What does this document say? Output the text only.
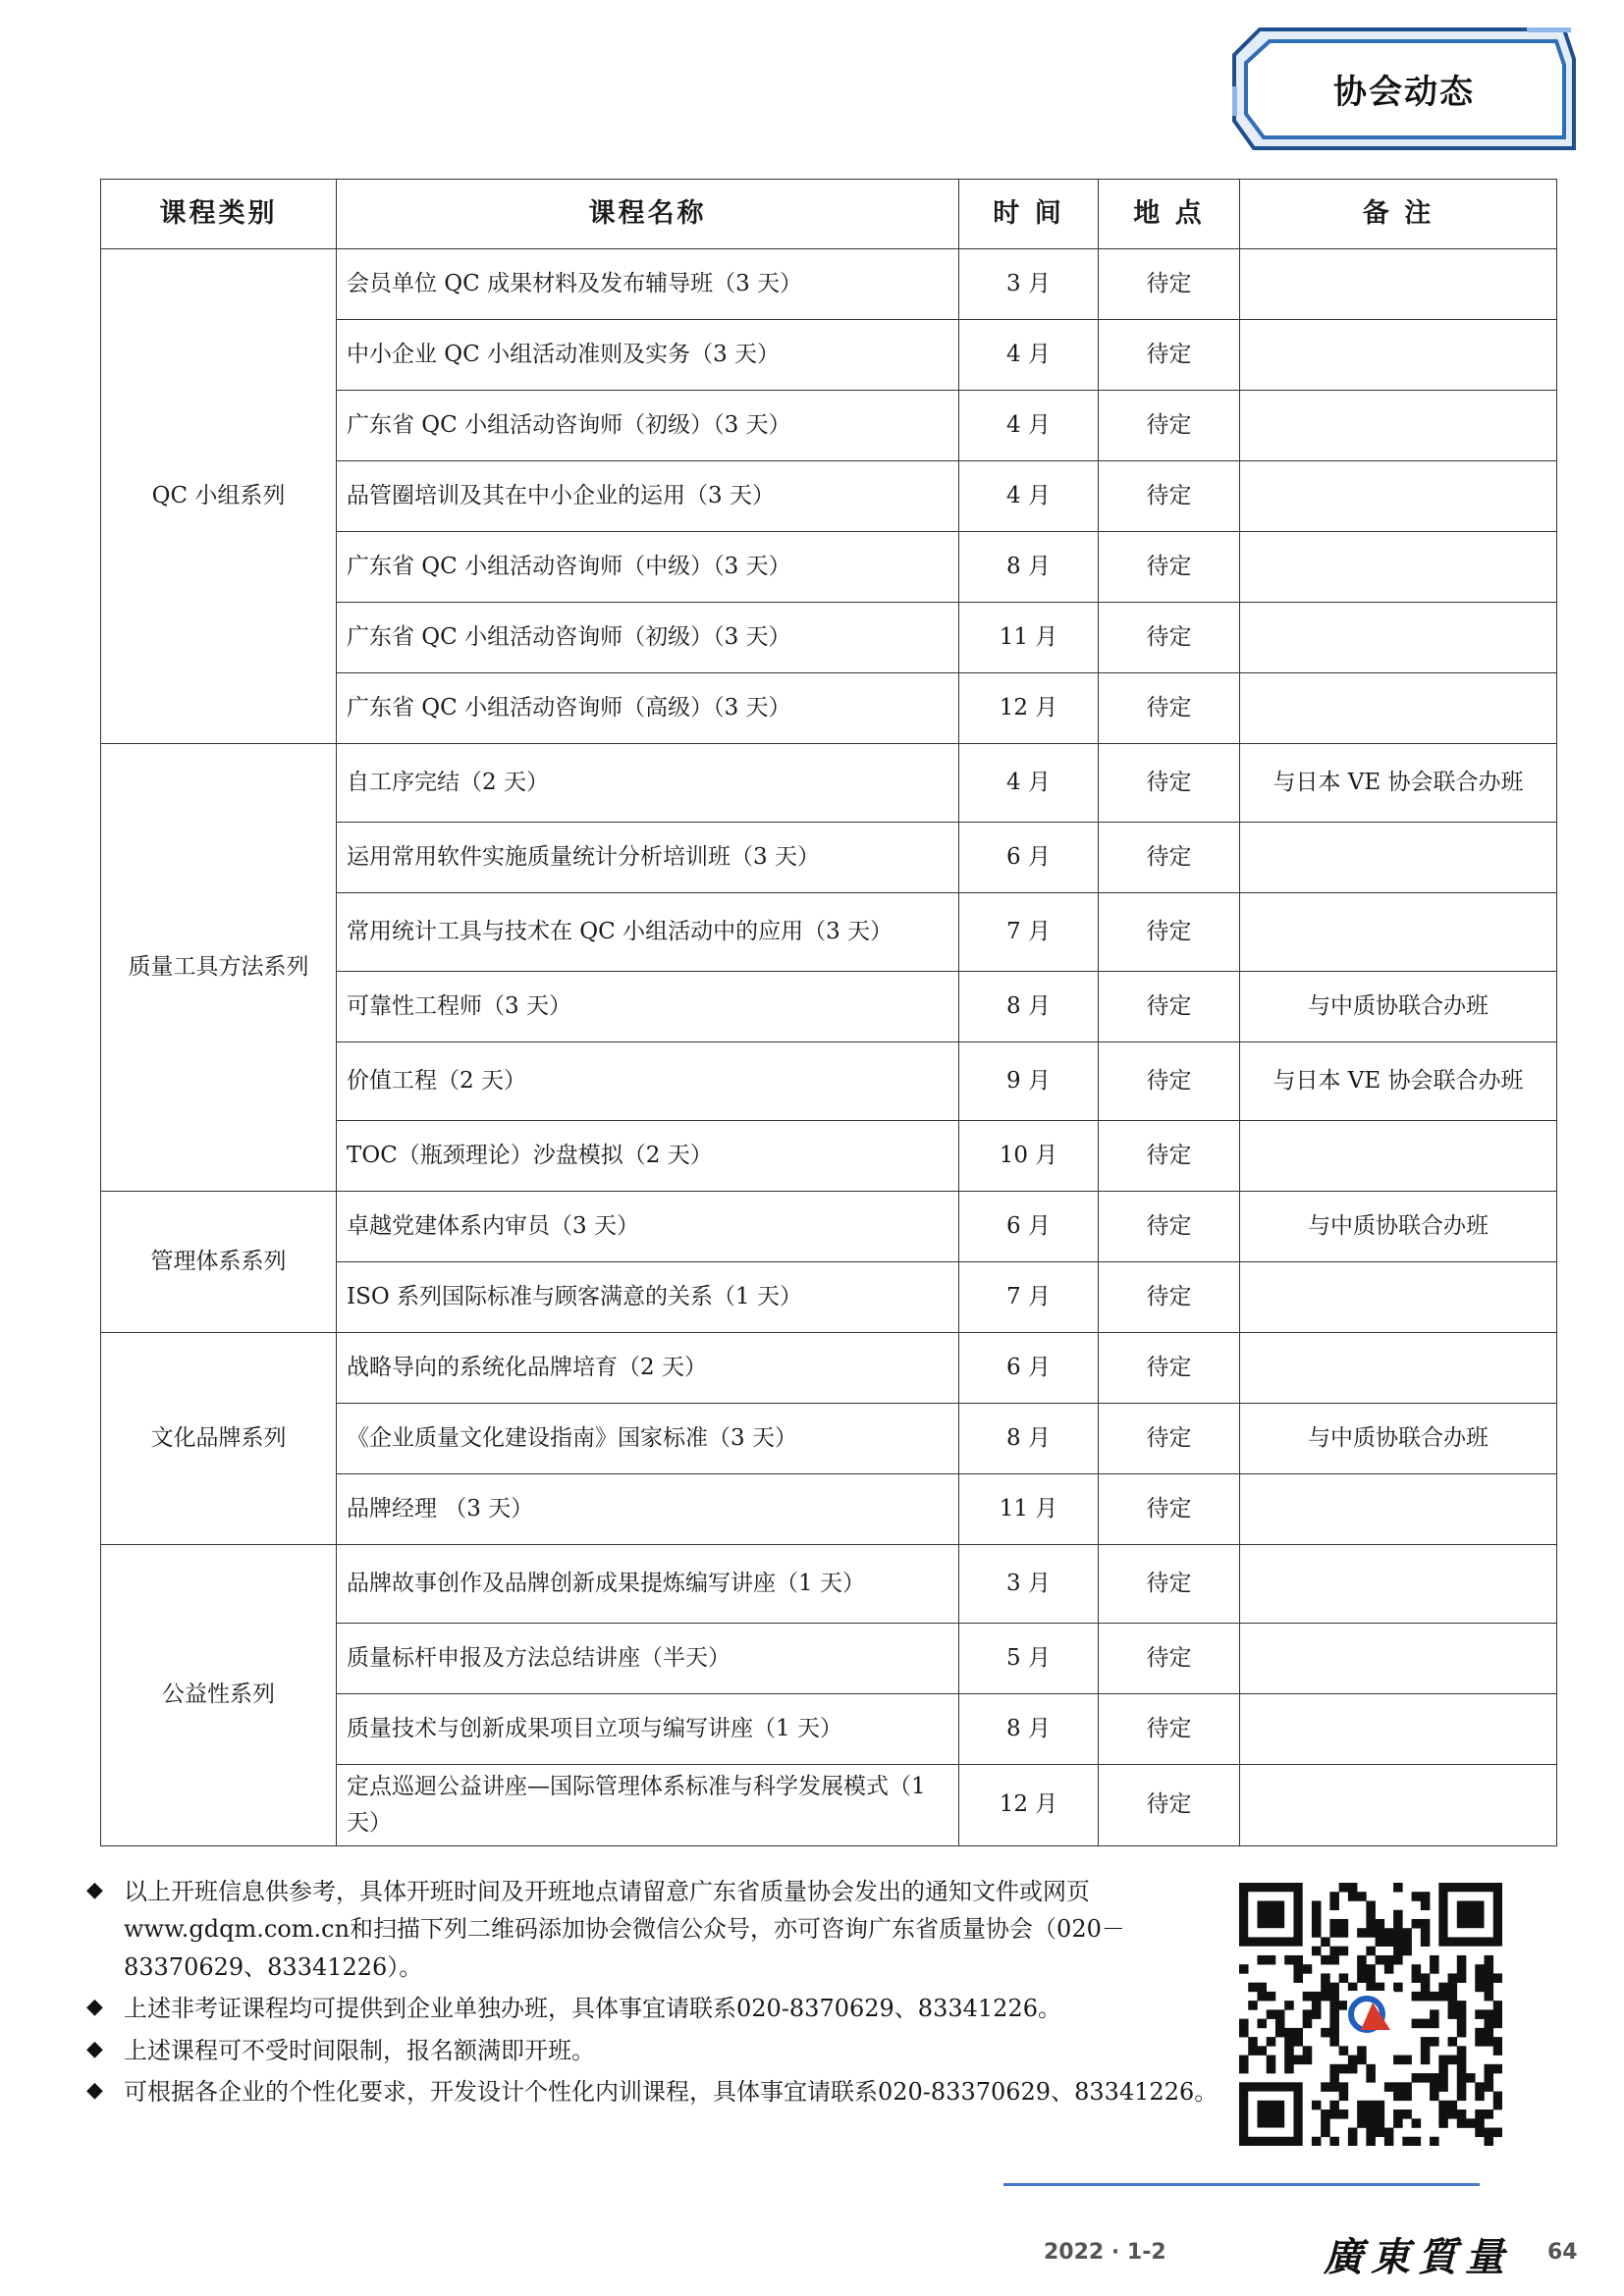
协会动态
课程类别	课程名称	时 间	地 点	备 注
QC 小组系列	会员单位 QC 成果材料及发布辅导班（3 天）	3 月	待定	
	中小企业 QC 小组活动准则及实务（3 天）	4 月	待定	
	广东省 QC 小组活动咨询师（初级）（3 天）	4 月	待定	
	品管圈培训及其在中小企业的运用（3 天）	4 月	待定	
	广东省 QC 小组活动咨询师（中级）（3 天）	8 月	待定	
	广东省 QC 小组活动咨询师（初级）（3 天）	11 月	待定	
	广东省 QC 小组活动咨询师（高级）（3 天）	12 月	待定	
质量工具方法系列	自工序完结（2 天）	4 月	待定	与日本 VE 协会联合办班
	运用常用软件实施质量统计分析培训班（3 天）	6 月	待定	
	常用统计工具与技术在 QC 小组活动中的应用（3 天）	7 月	待定	
	可靠性工程师（3 天）	8 月	待定	与中质协联合办班
	价值工程（2 天）	9 月	待定	与日本 VE 协会联合办班
	TOC（瓶颈理论）沙盘模拟（2 天）	10 月	待定	
管理体系系列	卓越党建体系内审员（3 天）	6 月	待定	与中质协联合办班
	ISO 系列国际标准与顾客满意的关系（1 天）	7 月	待定	
文化品牌系列	战略导向的系统化品牌培育（2 天）	6 月	待定	
	《企业质量文化建设指南》国家标准（3 天）	8 月	待定	与中质协联合办班
	品牌经理 （3 天）	11 月	待定	
公益性系列	品牌故事创作及品牌创新成果提炼编写讲座（1 天）	3 月	待定	
	质量标杆申报及方法总结讲座（半天）	5 月	待定	
	质量技术与创新成果项目立项与编写讲座（1 天）	8 月	待定	
	定点巡迴公益讲座—国际管理体系标准与科学发展模式（1 天）	12 月	待定	
◆ 以上开班信息供参考，具体开班时间及开班地点请留意广东省质量协会发出的通知文件或网页www.gdqm.com.cn和扫描下列二维码添加协会微信公众号，亦可咨询广东省质量协会（020－83370629、83341226）。
◆ 上述非考证课程均可提供到企业单独办班，具体事宜请联系020-8370629、83341226。
◆ 上述课程可不受时间限制，报名额满即开班。
◆ 可根据各企业的个性化要求，开发设计个性化内训课程，具体事宜请联系020-83370629、83341226。
2022 · 1-2	廣東質量 64
